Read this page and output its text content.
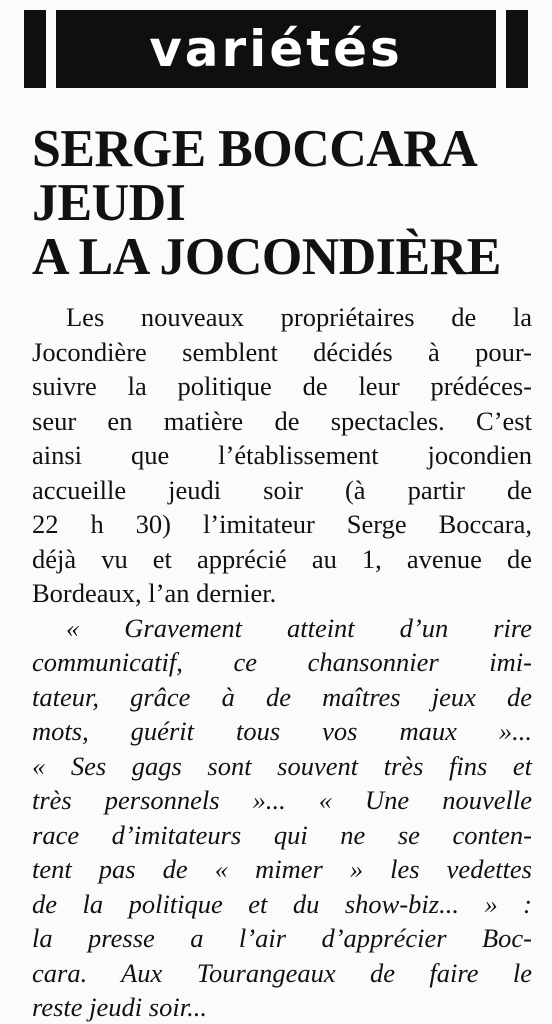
variétés
SERGE BOCCARA
JEUDI
A LA JOCONDIÈRE
Les nouveaux propriétaires de la
Jocondière semblent décidés à pour-
suivre la politique de leur prédéces-
seur en matière de spectacles. C’est
ainsi que l’établissement jocondien
accueille jeudi soir (à partir de
22 h 30) l’imitateur Serge Boccara,
déjà vu et apprécié au 1, avenue de
Bordeaux, l’an dernier.
« Gravement atteint d’un rire
communicatif, ce chansonnier imi-
tateur, grâce à de maîtres jeux de
mots, guérit tous vos maux »...
« Ses gags sont souvent très fins et
très personnels »... « Une nouvelle
race d’imitateurs qui ne se conten-
tent pas de « mimer » les vedettes
de la politique et du show-biz... » :
la presse a l’air d’apprécier Boc-
cara. Aux Tourangeaux de faire le
reste jeudi soir...
